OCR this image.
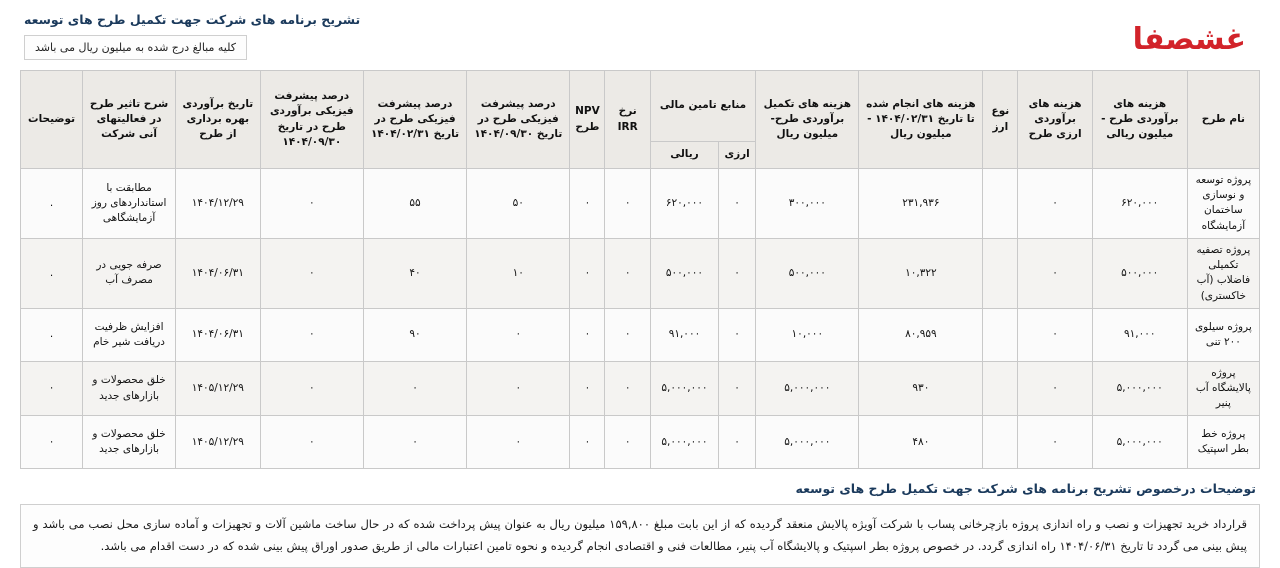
تشریح برنامه های شرکت جهت تکمیل طرح های توسعه
غشصفا
کلیه مبالغ درج شده به میلیون ریال می باشد
نام طرح	هزینه های برآوردی طرح - میلیون ریالی	هزینه های برآوردی ارزی طرح	نوع ارز	هزینه های انجام شده تا تاریخ ۱۴۰۴/۰۲/۳۱ - میلیون ریال	هزینه های تکمیل برآوردی طرح- میلیون ریال	منابع تامین مالی		نرخ IRR	NPV طرح	درصد پیشرفت فیزیکی طرح در تاریخ ۱۴۰۴/۰۹/۳۰	درصد پیشرفت فیزیکی طرح در تاریخ ۱۴۰۴/۰۲/۳۱	درصد پیشرفت فیزیکی برآوردی طرح در تاریخ ۱۴۰۴/۰۹/۳۰	تاریخ برآوردی بهره برداری از طرح	شرح تاثیر طرح در فعالیتهای آنی شرکت	توضیحات
						ارزی	ریالی								
پروژه توسعه و نوسازی ساختمان آزمایشگاه	۶۲۰,۰۰۰	۰		۲۳۱,۹۳۶	۳۰۰,۰۰۰	۰	۶۲۰,۰۰۰	۰	۰	۵۰	۵۵	۰	۱۴۰۴/۱۲/۲۹	مطابقت با استانداردهای روز آزمایشگاهی	.
پروژه تصفیه تکمیلی فاضلاب (آب خاکستری)	۵۰۰,۰۰۰	۰		۱۰,۳۲۲	۵۰۰,۰۰۰	۰	۵۰۰,۰۰۰	۰	۰	۱۰	۴۰	۰	۱۴۰۴/۰۶/۳۱	صرفه جویی در مصرف آب	.
پروژه سیلوی ۲۰۰ تنی	۹۱,۰۰۰	۰		۸۰,۹۵۹	۱۰,۰۰۰	۰	۹۱,۰۰۰	۰	۰	۰	۹۰	۰	۱۴۰۴/۰۶/۳۱	افزایش ظرفیت دریافت شیر خام	.
پروژه پالایشگاه آب پنیر	۵,۰۰۰,۰۰۰	۰		۹۳۰	۵,۰۰۰,۰۰۰	۰	۵,۰۰۰,۰۰۰	۰	۰	۰	۰	۰	۱۴۰۵/۱۲/۲۹	خلق محصولات و بازارهای جدید	۰
پروژه خط بطر اسپتیک	۵,۰۰۰,۰۰۰	۰		۴۸۰	۵,۰۰۰,۰۰۰	۰	۵,۰۰۰,۰۰۰	۰	۰	۰	۰	۰	۱۴۰۵/۱۲/۲۹	خلق محصولات و بازارهای جدید	۰
توضیحات درخصوص تشریح برنامه های شرکت جهت تکمیل طرح های توسعه
قرارداد خرید تجهیزات و نصب و راه اندازی پروژه بازچرخانی پساب با شرکت آویژه پالایش منعقد گردیده که از این بابت مبلغ ۱۵۹,۸۰۰ میلیون ریال به عنوان پیش پرداخت شده که در حال ساخت ماشین آلات و تجهیزات و آماده سازی محل نصب می باشد و پیش بینی می گردد تا تاریخ ۱۴۰۴/۰۶/۳۱ راه اندازی گردد. در خصوص پروژه بطر اسپتیک و پالایشگاه آب پنیر، مطالعات فنی و اقتصادی انجام گردیده و نحوه تامین اعتبارات مالی از طریق صدور اوراق پیش بینی شده که در دست اقدام می باشد.
